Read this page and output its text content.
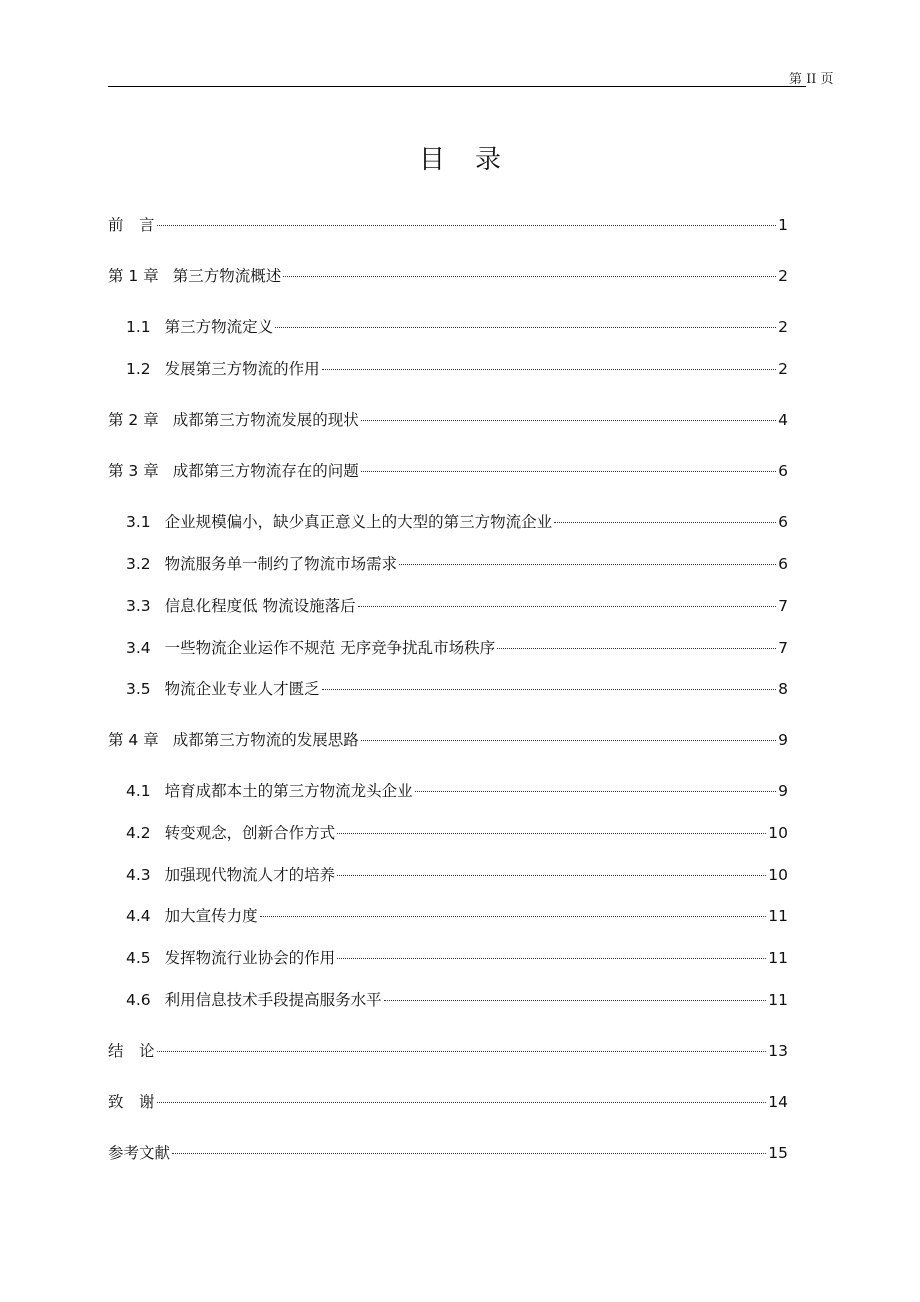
第 II 页
目录
前　言	1
第 1 章 第三方物流概述	2
1.1 第三方物流定义	2
1.2 发展第三方物流的作用	2
第 2 章 成都第三方物流发展的现状	4
第 3 章 成都第三方物流存在的问题	6
3.1 企业规模偏小，缺少真正意义上的大型的第三方物流企业	6
3.2 物流服务单一制约了物流市场需求	6
3.3 信息化程度低 物流设施落后	7
3.4 一些物流企业运作不规范 无序竞争扰乱市场秩序	7
3.5 物流企业专业人才匮乏	8
第 4 章 成都第三方物流的发展思路	9
4.1 培育成都本土的第三方物流龙头企业	9
4.2 转变观念，创新合作方式	10
4.3 加强现代物流人才的培养	10
4.4 加大宣传力度	11
4.5 发挥物流行业协会的作用	11
4.6 利用信息技术手段提高服务水平	11
结　论	13
致　谢	14
参考文献	15
